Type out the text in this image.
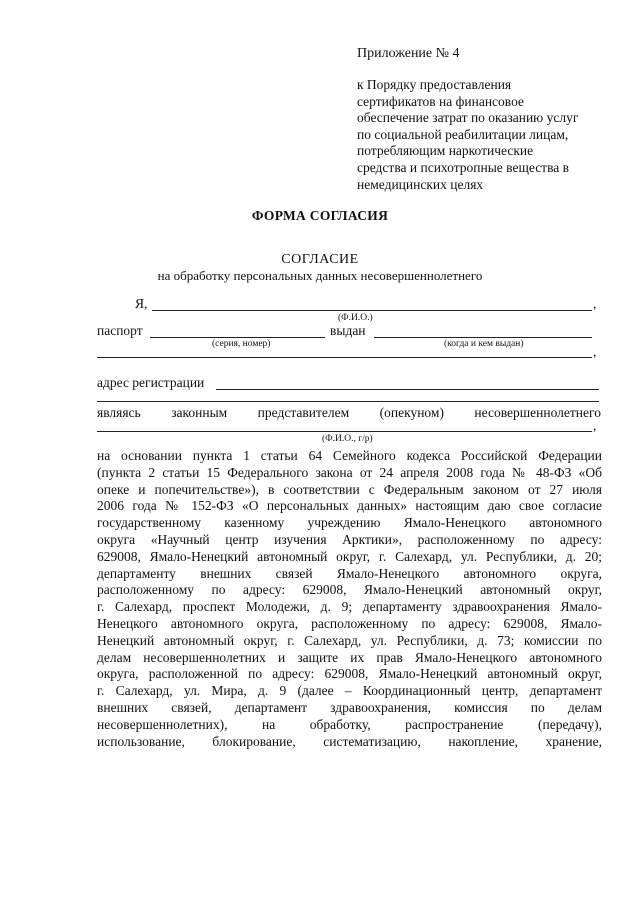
Приложение № 4
к Порядку предоставления
сертификатов на финансовое
обеспечение затрат по оказанию услуг
по социальной реабилитации лицам,
потребляющим наркотические
средства и психотропные вещества в
немедицинских целях
ФОРМА СОГЛАСИЯ
СОГЛАСИЕ
на обработку персональных данных несовершеннолетнего
Я,	,
(Ф.И.О.)
паспорт	выдан
(серия, номер)	(когда и кем выдан)	,
адрес регистрации
являясь законным представителем (опекуном) несовершеннолетнего
,
(Ф.И.О., г/р)
на основании пункта 1 статьи 64 Семейного кодекса Российской Федерации
(пункта 2 статьи 15 Федерального закона от 24 апреля 2008 года № 48-ФЗ «Об
опеке и попечительстве»), в соответствии с Федеральным законом от 27 июля
2006 года № 152-ФЗ «О персональных данных» настоящим даю свое согласие
государственному казенному учреждению Ямало-Ненецкого автономного
округа «Научный центр изучения Арктики», расположенному по адресу:
629008, Ямало-Ненецкий автономный округ, г. Салехард, ул. Республики, д. 20;
департаменту внешних связей Ямало-Ненецкого автономного округа,
расположенному по адресу: 629008, Ямало-Ненецкий автономный округ,
г. Салехард, проспект Молодежи, д. 9; департаменту здравоохранения Ямало-
Ненецкого автономного округа, расположенному по адресу: 629008, Ямало-
Ненецкий автономный округ, г. Салехард, ул. Республики, д. 73; комиссии по
делам несовершеннолетних и защите их прав Ямало-Ненецкого автономного
округа, расположенной по адресу: 629008, Ямало-Ненецкий автономный округ,
г. Салехард, ул. Мира, д. 9 (далее – Координационный центр, департамент
внешних связей, департамент здравоохранения, комиссия по делам
несовершеннолетних), на обработку, распространение (передачу),
использование, блокирование, систематизацию, накопление, хранение,
